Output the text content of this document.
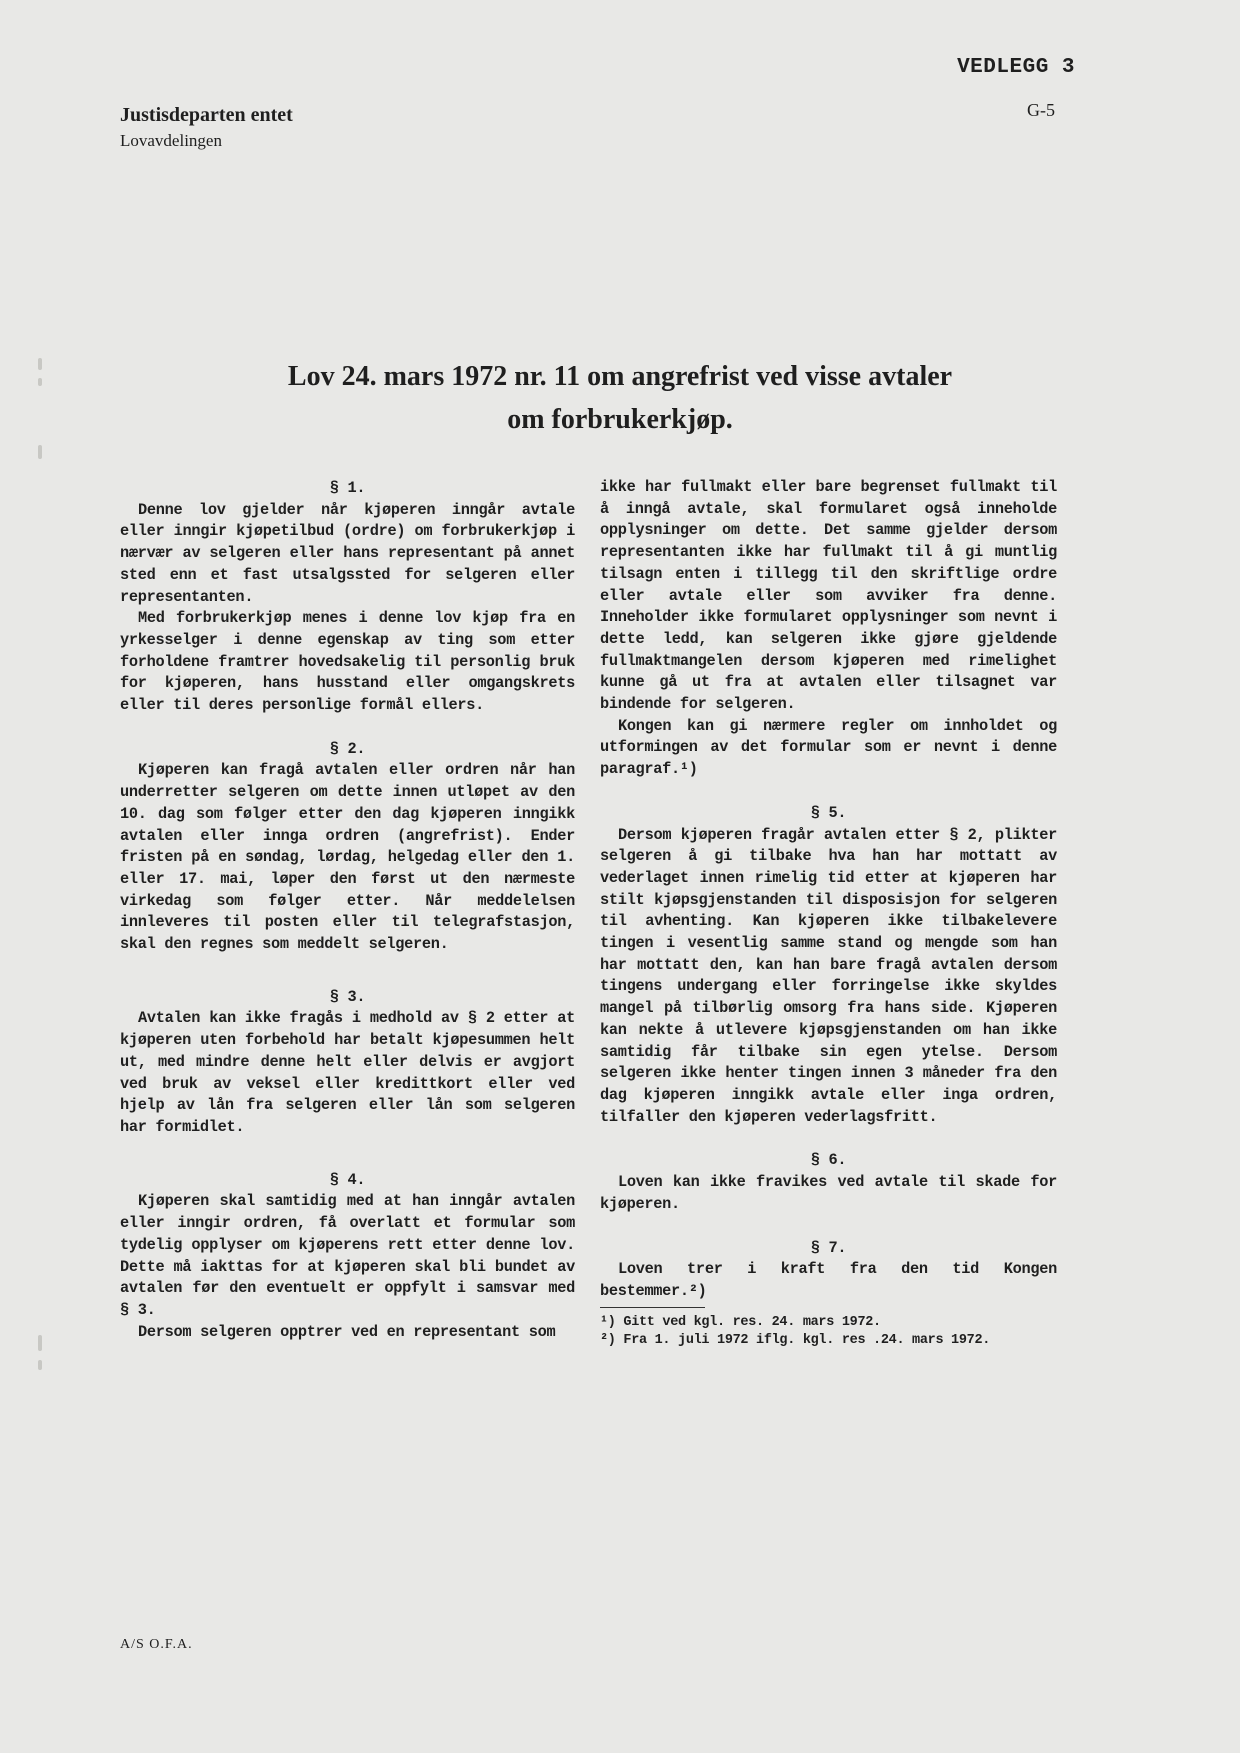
VEDLEGG 3
G-5
Justisdeparten entet
Lovavdelingen
Lov 24. mars 1972 nr. 11 om angrefrist ved visse avtaler
om forbrukerkjøp.

§ 1.

Denne lov gjelder når kjøperen inngår avtale eller inngir kjøpetilbud (ordre) om forbrukerkjøp i nærvær av selgeren eller hans representant på annet sted enn et fast utsalgssted for selgeren eller representanten.

Med forbrukerkjøp menes i denne lov kjøp fra en yrkesselger i denne egenskap av ting som etter forholdene framtrer hovedsakelig til personlig bruk for kjøperen, hans husstand eller omgangskrets eller til deres personlige formål ellers.

§ 2.

Kjøperen kan fragå avtalen eller ordren når han underretter selgeren om dette innen utløpet av den 10. dag som følger etter den dag kjøperen inngikk avtalen eller innga ordren (angrefrist). Ender fristen på en søndag, lørdag, helgedag eller den 1. eller 17. mai, løper den først ut den nærmeste virkedag som følger etter. Når meddelelsen innleveres til posten eller til telegrafstasjon, skal den regnes som meddelt selgeren.

§ 3.

Avtalen kan ikke fragås i medhold av § 2 etter at kjøperen uten forbehold har betalt kjøpesummen helt ut, med mindre denne helt eller delvis er avgjort ved bruk av veksel eller kredittkort eller ved hjelp av lån fra selgeren eller lån som selgeren har formidlet.

§ 4.

Kjøperen skal samtidig med at han inngår avtalen eller inngir ordren, få overlatt et formular som tydelig opplyser om kjøperens rett etter denne lov. Dette må iakttas for at kjøperen skal bli bundet av avtalen før den eventuelt er oppfylt i samsvar med § 3.

Dersom selgeren opptrer ved en representant som

ikke har fullmakt eller bare begrenset fullmakt til å inngå avtale, skal formularet også inneholde opplysninger om dette. Det samme gjelder dersom representanten ikke har fullmakt til å gi muntlig tilsagn enten i tillegg til den skriftlige ordre eller avtale eller som avviker fra denne. Inneholder ikke formularet opplysninger som nevnt i dette ledd, kan selgeren ikke gjøre gjeldende fullmaktmangelen dersom kjøperen med rimelighet kunne gå ut fra at avtalen eller tilsagnet var bindende for selgeren.

Kongen kan gi nærmere regler om innholdet og utformingen av det formular som er nevnt i denne paragraf.¹)

§ 5.

Dersom kjøperen fragår avtalen etter § 2, plikter selgeren å gi tilbake hva han har mottatt av vederlaget innen rimelig tid etter at kjøperen har stilt kjøpsgjenstanden til disposisjon for selgeren til avhenting. Kan kjøperen ikke tilbakelevere tingen i vesentlig samme stand og mengde som han har mottatt den, kan han bare fragå avtalen dersom tingens undergang eller forringelse ikke skyldes mangel på tilbørlig omsorg fra hans side. Kjøperen kan nekte å utlevere kjøpsgjenstanden om han ikke samtidig får tilbake sin egen ytelse. Dersom selgeren ikke henter tingen innen 3 måneder fra den dag kjøperen inngikk avtale eller inga ordren, tilfaller den kjøperen vederlagsfritt.

§ 6.

Loven kan ikke fravikes ved avtale til skade for kjøperen.

§ 7.

Loven trer i kraft fra den tid Kongen bestemmer.²)

¹) Gitt ved kgl. res. 24. mars 1972.

²) Fra 1. juli 1972 iflg. kgl. res .24. mars 1972.

A/S O.F.A.
